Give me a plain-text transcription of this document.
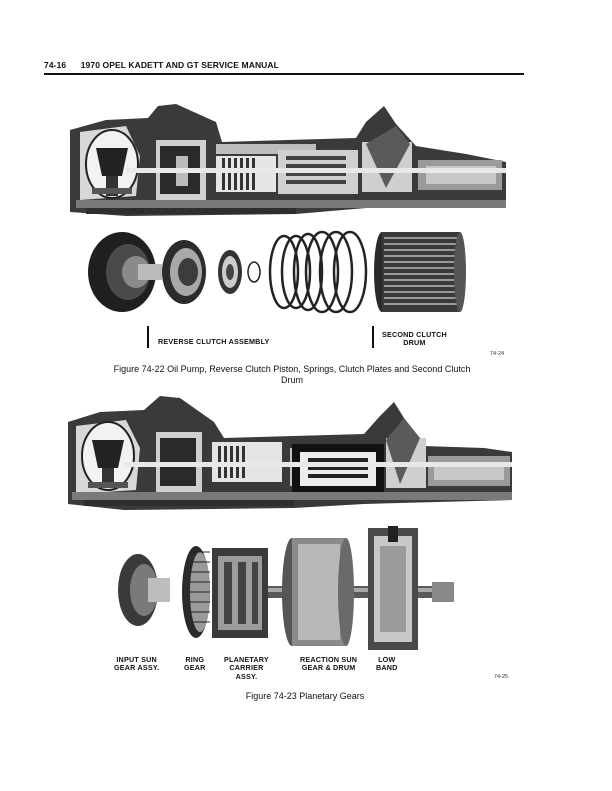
74-16 1970 OPEL KADETT AND GT SERVICE MANUAL
REVERSE CLUTCH ASSEMBLY
SECOND CLUTCH
DRUM
74-24
Figure 74-22 Oil Pump, Reverse Clutch Piston, Springs, Clutch Plates and Second Clutch Drum
INPUT SUN
GEAR ASSY.
RING
GEAR
PLANETARY
CARRIER
ASSY.
REACTION SUN
GEAR & DRUM
LOW
BAND
74-25
Figure 74-23 Planetary Gears
